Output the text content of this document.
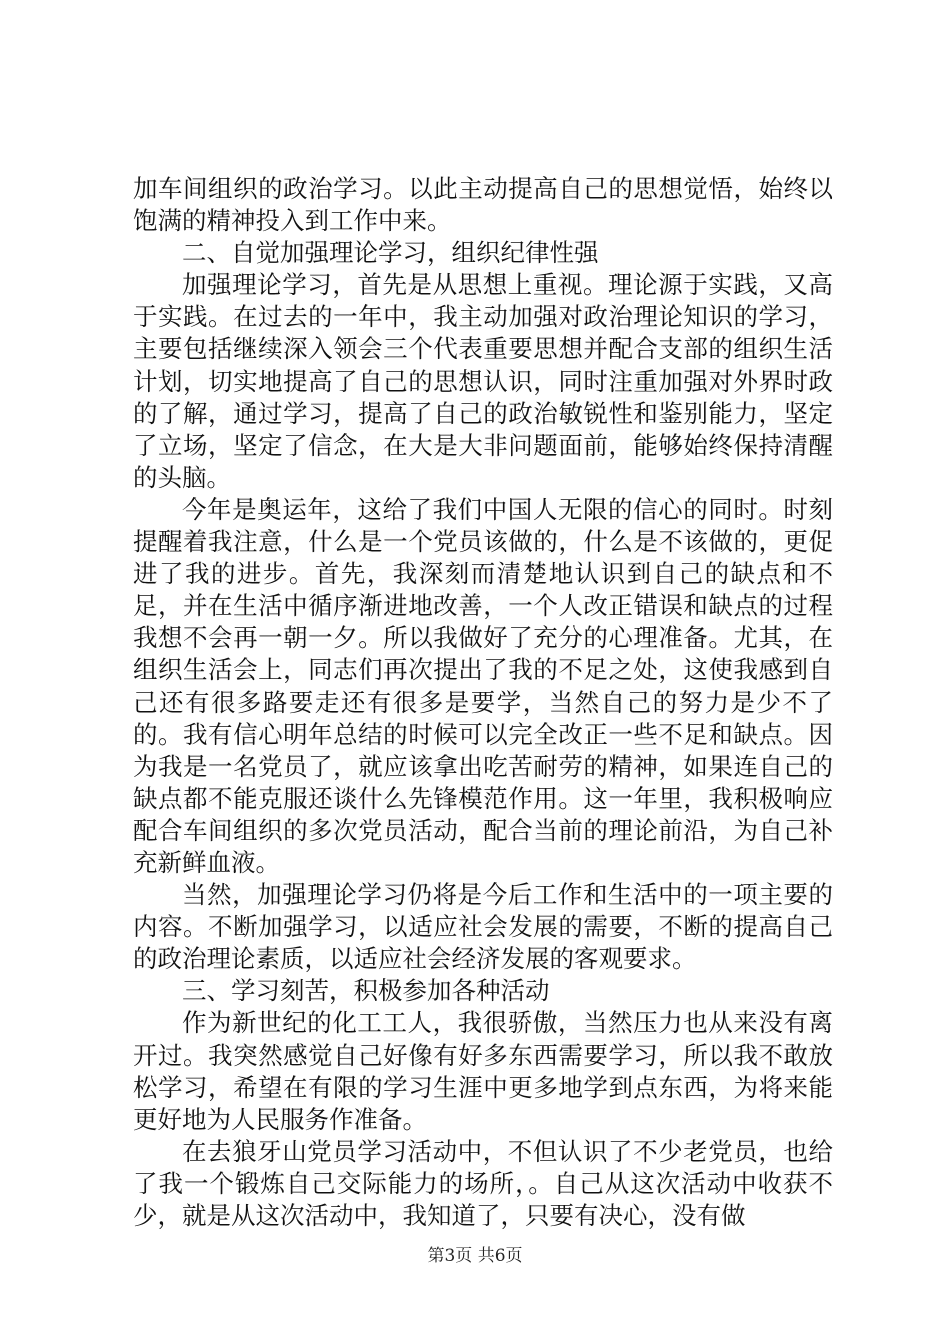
加车间组织的政治学习。以此主动提高自己的思想觉悟，始终以饱满的精神投入到工作中来。

二、自觉加强理论学习，组织纪律性强

加强理论学习，首先是从思想上重视。理论源于实践，又高于实践。在过去的一年中，我主动加强对政治理论知识的学习，主要包括继续深入领会三个代表重要思想并配合支部的组织生活计划，切实地提高了自己的思想认识，同时注重加强对外界时政的了解，通过学习，提高了自己的政治敏锐性和鉴别能力，坚定了立场，坚定了信念，在大是大非问题面前，能够始终保持清醒的头脑。

今年是奥运年，这给了我们中国人无限的信心的同时。时刻提醒着我注意，什么是一个党员该做的，什么是不该做的，更促进了我的进步。首先，我深刻而清楚地认识到自己的缺点和不足，并在生活中循序渐进地改善，一个人改正错误和缺点的过程我想不会再一朝一夕。所以我做好了充分的心理准备。尤其，在组织生活会上，同志们再次提出了我的不足之处，这使我感到自己还有很多路要走还有很多是要学，当然自己的努力是少不了的。我有信心明年总结的时候可以完全改正一些不足和缺点。因为我是一名党员了，就应该拿出吃苦耐劳的精神，如果连自己的缺点都不能克服还谈什么先锋模范作用。这一年里，我积极响应配合车间组织的多次党员活动，配合当前的理论前沿，为自己补充新鲜血液。

当然，加强理论学习仍将是今后工作和生活中的一项主要的内容。不断加强学习，以适应社会发展的需要，不断的提高自己的政治理论素质，以适应社会经济发展的客观要求。

三、学习刻苦，积极参加各种活动

作为新世纪的化工工人，我很骄傲，当然压力也从来没有离开过。我突然感觉自己好像有好多东西需要学习，所以我不敢放松学习，希望在有限的学习生涯中更多地学到点东西，为将来能更好地为人民服务作准备。

在去狼牙山党员学习活动中，不但认识了不少老党员，也给了我一个锻炼自己交际能力的场所，。自己从这次活动中收获不少，就是从这次活动中，我知道了，只要有决心，没有做

第3页 共6页
